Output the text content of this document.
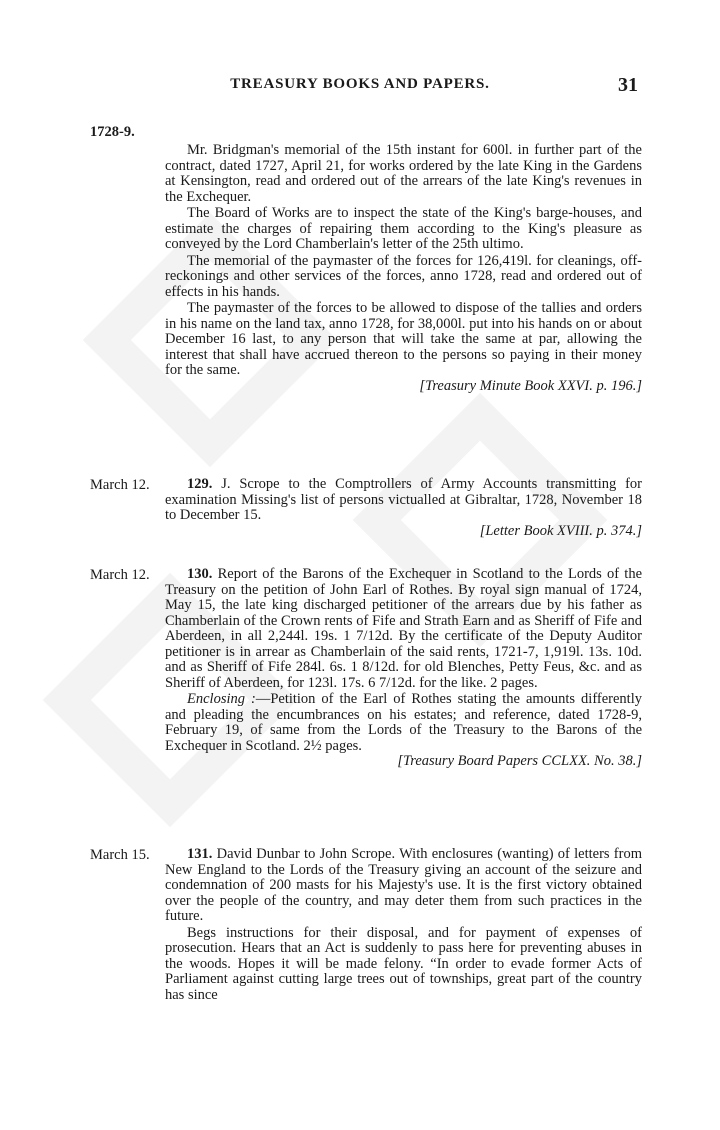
TREASURY BOOKS AND PAPERS.	31
1728-9.

Mr. Bridgman's memorial of the 15th instant for 600l. in further part of the contract, dated 1727, April 21, for works ordered by the late King in the Gardens at Kensington, read and ordered out of the arrears of the late King's revenues in the Exchequer.

The Board of Works are to inspect the state of the King's barge-houses, and estimate the charges of repairing them according to the King's pleasure as conveyed by the Lord Chamberlain's letter of the 25th ultimo.

The memorial of the paymaster of the forces for 126,419l. for cleanings, off-reckonings and other services of the forces, anno 1728, read and ordered out of effects in his hands.

The paymaster of the forces to be allowed to dispose of the tallies and orders in his name on the land tax, anno 1728, for 38,000l. put into his hands on or about December 16 last, to any person that will take the same at par, allowing the interest that shall have accrued thereon to the persons so paying in their money for the same.

[Treasury Minute Book XXVI. p. 196.]
March 12.	129. J. Scrope to the Comptrollers of Army Accounts transmitting for examination Missing's list of persons victualled at Gibraltar, 1728, November 18 to December 15.

[Letter Book XVIII. p. 374.]
March 12.	130. Report of the Barons of the Exchequer in Scotland to the Lords of the Treasury on the petition of John Earl of Rothes. By royal sign manual of 1724, May 15, the late king discharged petitioner of the arrears due by his father as Chamberlain of the Crown rents of Fife and Strath Earn and as Sheriff of Fife and Aberdeen, in all 2,244l. 19s. 1 7/12d. By the certificate of the Deputy Auditor petitioner is in arrear as Chamberlain of the said rents, 1721-7, 1,919l. 13s. 10d. and as Sheriff of Fife 284l. 6s. 1 8/12d. for old Blenches, Petty Feus, &c. and as Sheriff of Aberdeen, for 123l. 17s. 6 7/12d. for the like. 2 pages.

Enclosing :—Petition of the Earl of Rothes stating the amounts differently and pleading the encumbrances on his estates; and reference, dated 1728-9, February 19, of same from the Lords of the Treasury to the Barons of the Exchequer in Scotland. 2½ pages.

[Treasury Board Papers CCLXX. No. 38.]
March 15.	131. David Dunbar to John Scrope. With enclosures (wanting) of letters from New England to the Lords of the Treasury giving an account of the seizure and condemnation of 200 masts for his Majesty's use. It is the first victory obtained over the people of the country, and may deter them from such practices in the future.

Begs instructions for their disposal, and for payment of expenses of prosecution. Hears that an Act is suddenly to pass here for preventing abuses in the woods. Hopes it will be made felony. “In order to evade former Acts of Parliament against cutting large trees out of townships, great part of the country has since
